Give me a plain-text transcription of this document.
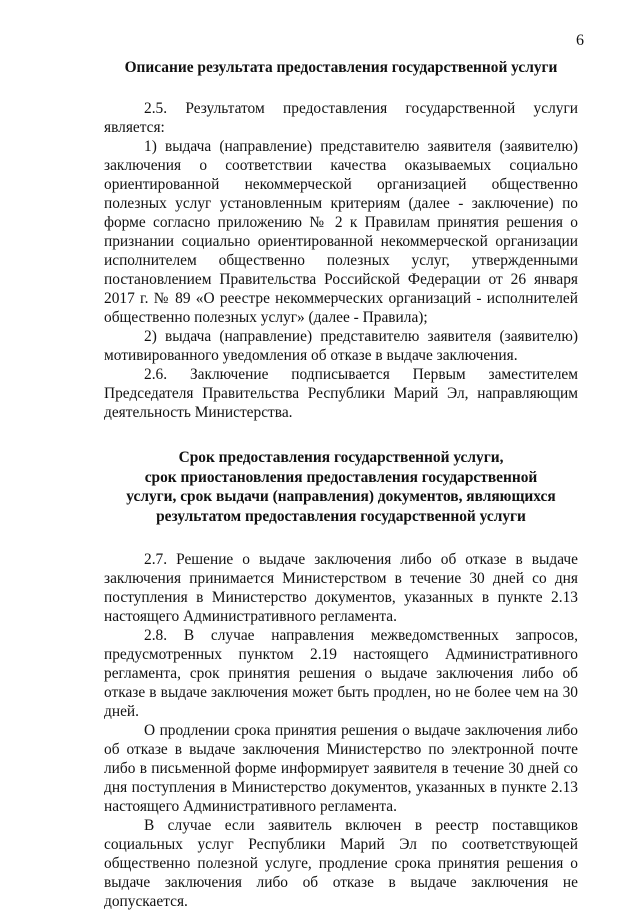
6

Описание результата предоставления государственной услуги

2.5. Результатом предоставления государственной услуги является:

1) выдача (направление) представителю заявителя (заявителю) заключения о соответствии качества оказываемых социально ориентированной некоммерческой организацией общественно полезных услуг установленным критериям (далее - заключение) по форме согласно приложению № 2 к Правилам принятия решения о признании социально ориентированной некоммерческой организации исполнителем общественно полезных услуг, утвержденными постановлением Правительства Российской Федерации от 26 января 2017 г. № 89 «О реестре некоммерческих организаций - исполнителей общественно полезных услуг» (далее - Правила);

2) выдача (направление) представителю заявителя (заявителю) мотивированного уведомления об отказе в выдаче заключения.

2.6. Заключение подписывается Первым заместителем Председателя Правительства Республики Марий Эл, направляющим деятельность Министерства.

Срок предоставления государственной услуги,
срок приостановления предоставления государственной
услуги, срок выдачи (направления) документов, являющихся
результатом предоставления государственной услуги

2.7. Решение о выдаче заключения либо об отказе в выдаче заключения принимается Министерством в течение 30 дней со дня поступления в Министерство документов, указанных в пункте 2.13 настоящего Административного регламента.

2.8. В случае направления межведомственных запросов, предусмотренных пунктом 2.19 настоящего Административного регламента, срок принятия решения о выдаче заключения либо об отказе в выдаче заключения может быть продлен, но не более чем на 30 дней.

О продлении срока принятия решения о выдаче заключения либо об отказе в выдаче заключения Министерство по электронной почте либо в письменной форме информирует заявителя в течение 30 дней со дня поступления в Министерство документов, указанных в пункте 2.13 настоящего Административного регламента.

В случае если заявитель включен в реестр поставщиков социальных услуг Республики Марий Эл по соответствующей общественно полезной услуге, продление срока принятия решения о выдаче заключения либо об отказе в выдаче заключения не допускается.
